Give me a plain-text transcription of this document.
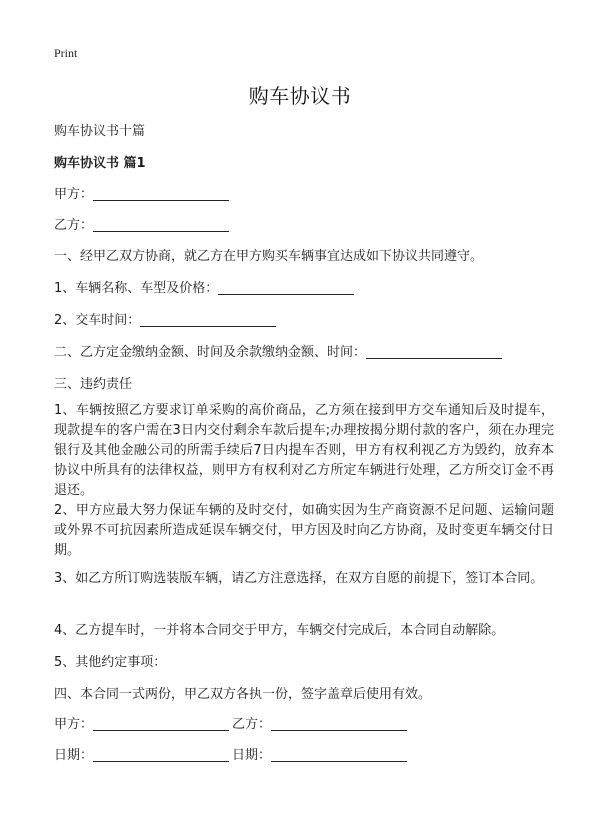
Print
购车协议书
购车协议书十篇
购车协议书 篇1
甲方：
乙方：
一、经甲乙双方协商，就乙方在甲方购买车辆事宜达成如下协议共同遵守。
1、车辆名称、车型及价格：
2、交车时间：
二、乙方定金缴纳金额、时间及余款缴纳金额、时间：
三、违约责任
1、车辆按照乙方要求订单采购的高价商品，乙方须在接到甲方交车通知后及时提车，现款提车的客户需在3日内交付剩余车款后提车;办理按揭分期付款的客户，须在办理完银行及其他金融公司的所需手续后7日内提车否则，甲方有权利视乙方为毁约，放弃本协议中所具有的法律权益，则甲方有权利对乙方所定车辆进行处理，乙方所交订金不再退还。
2、甲方应最大努力保证车辆的及时交付，如确实因为生产商资源不足问题、运输问题或外界不可抗因素所造成延误车辆交付，甲方因及时向乙方协商，及时变更车辆交付日期。
3、如乙方所订购选装版车辆，请乙方注意选择，在双方自愿的前提下，签订本合同。
4、乙方提车时，一并将本合同交于甲方，车辆交付完成后，本合同自动解除。
5、其他约定事项：
四、本合同一式两份，甲乙双方各执一份，签字盖章后使用有效。
甲方：	乙方：
日期：	日期：
